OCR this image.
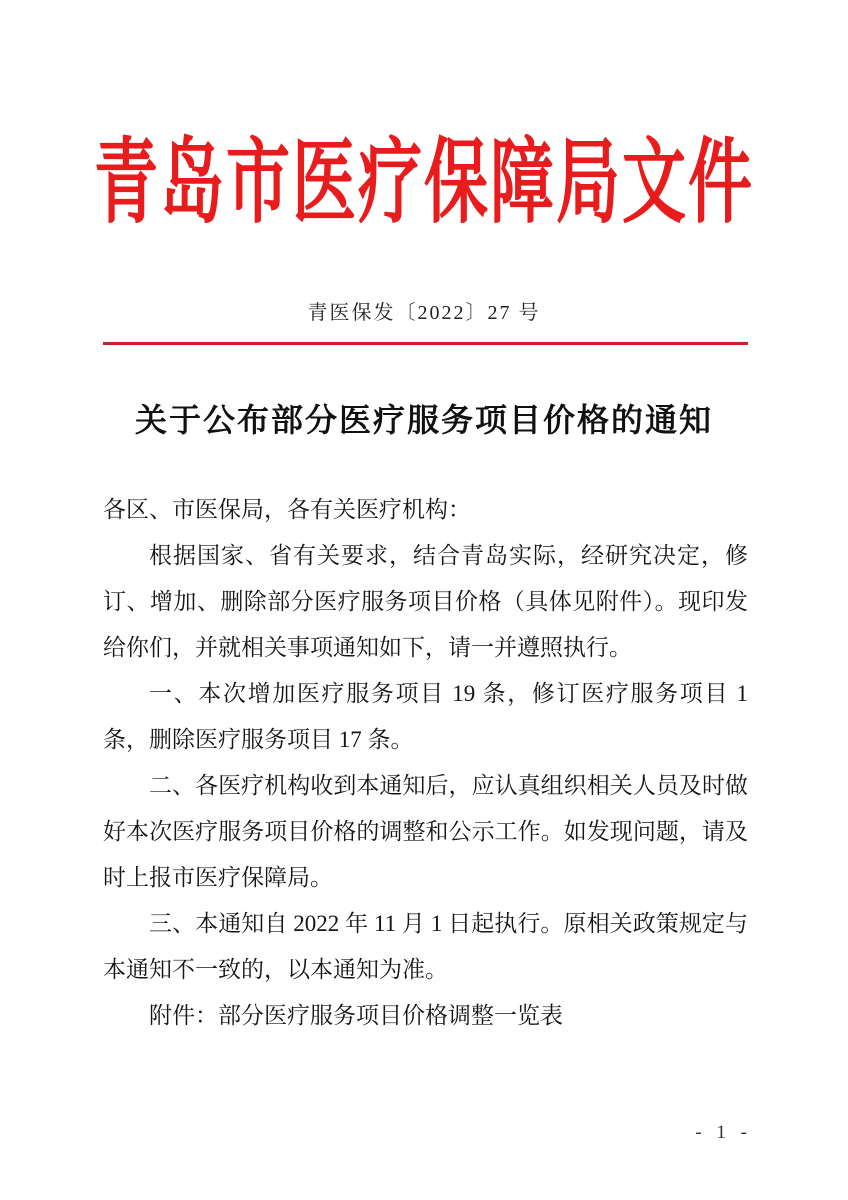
青岛市医疗保障局文件
青医保发〔2022〕27 号
关于公布部分医疗服务项目价格的通知

各区、市医保局，各有关医疗机构：

根据国家、省有关要求，结合青岛实际，经研究决定，修订、增加、删除部分医疗服务项目价格（具体见附件）。现印发给你们，并就相关事项通知如下，请一并遵照执行。

一、本次增加医疗服务项目 19 条，修订医疗服务项目 1 条，删除医疗服务项目 17 条。

二、各医疗机构收到本通知后，应认真组织相关人员及时做好本次医疗服务项目价格的调整和公示工作。如发现问题，请及时上报市医疗保障局。

三、本通知自 2022 年 11 月 1 日起执行。原相关政策规定与本通知不一致的，以本通知为准。

附件：部分医疗服务项目价格调整一览表

- 1 -
